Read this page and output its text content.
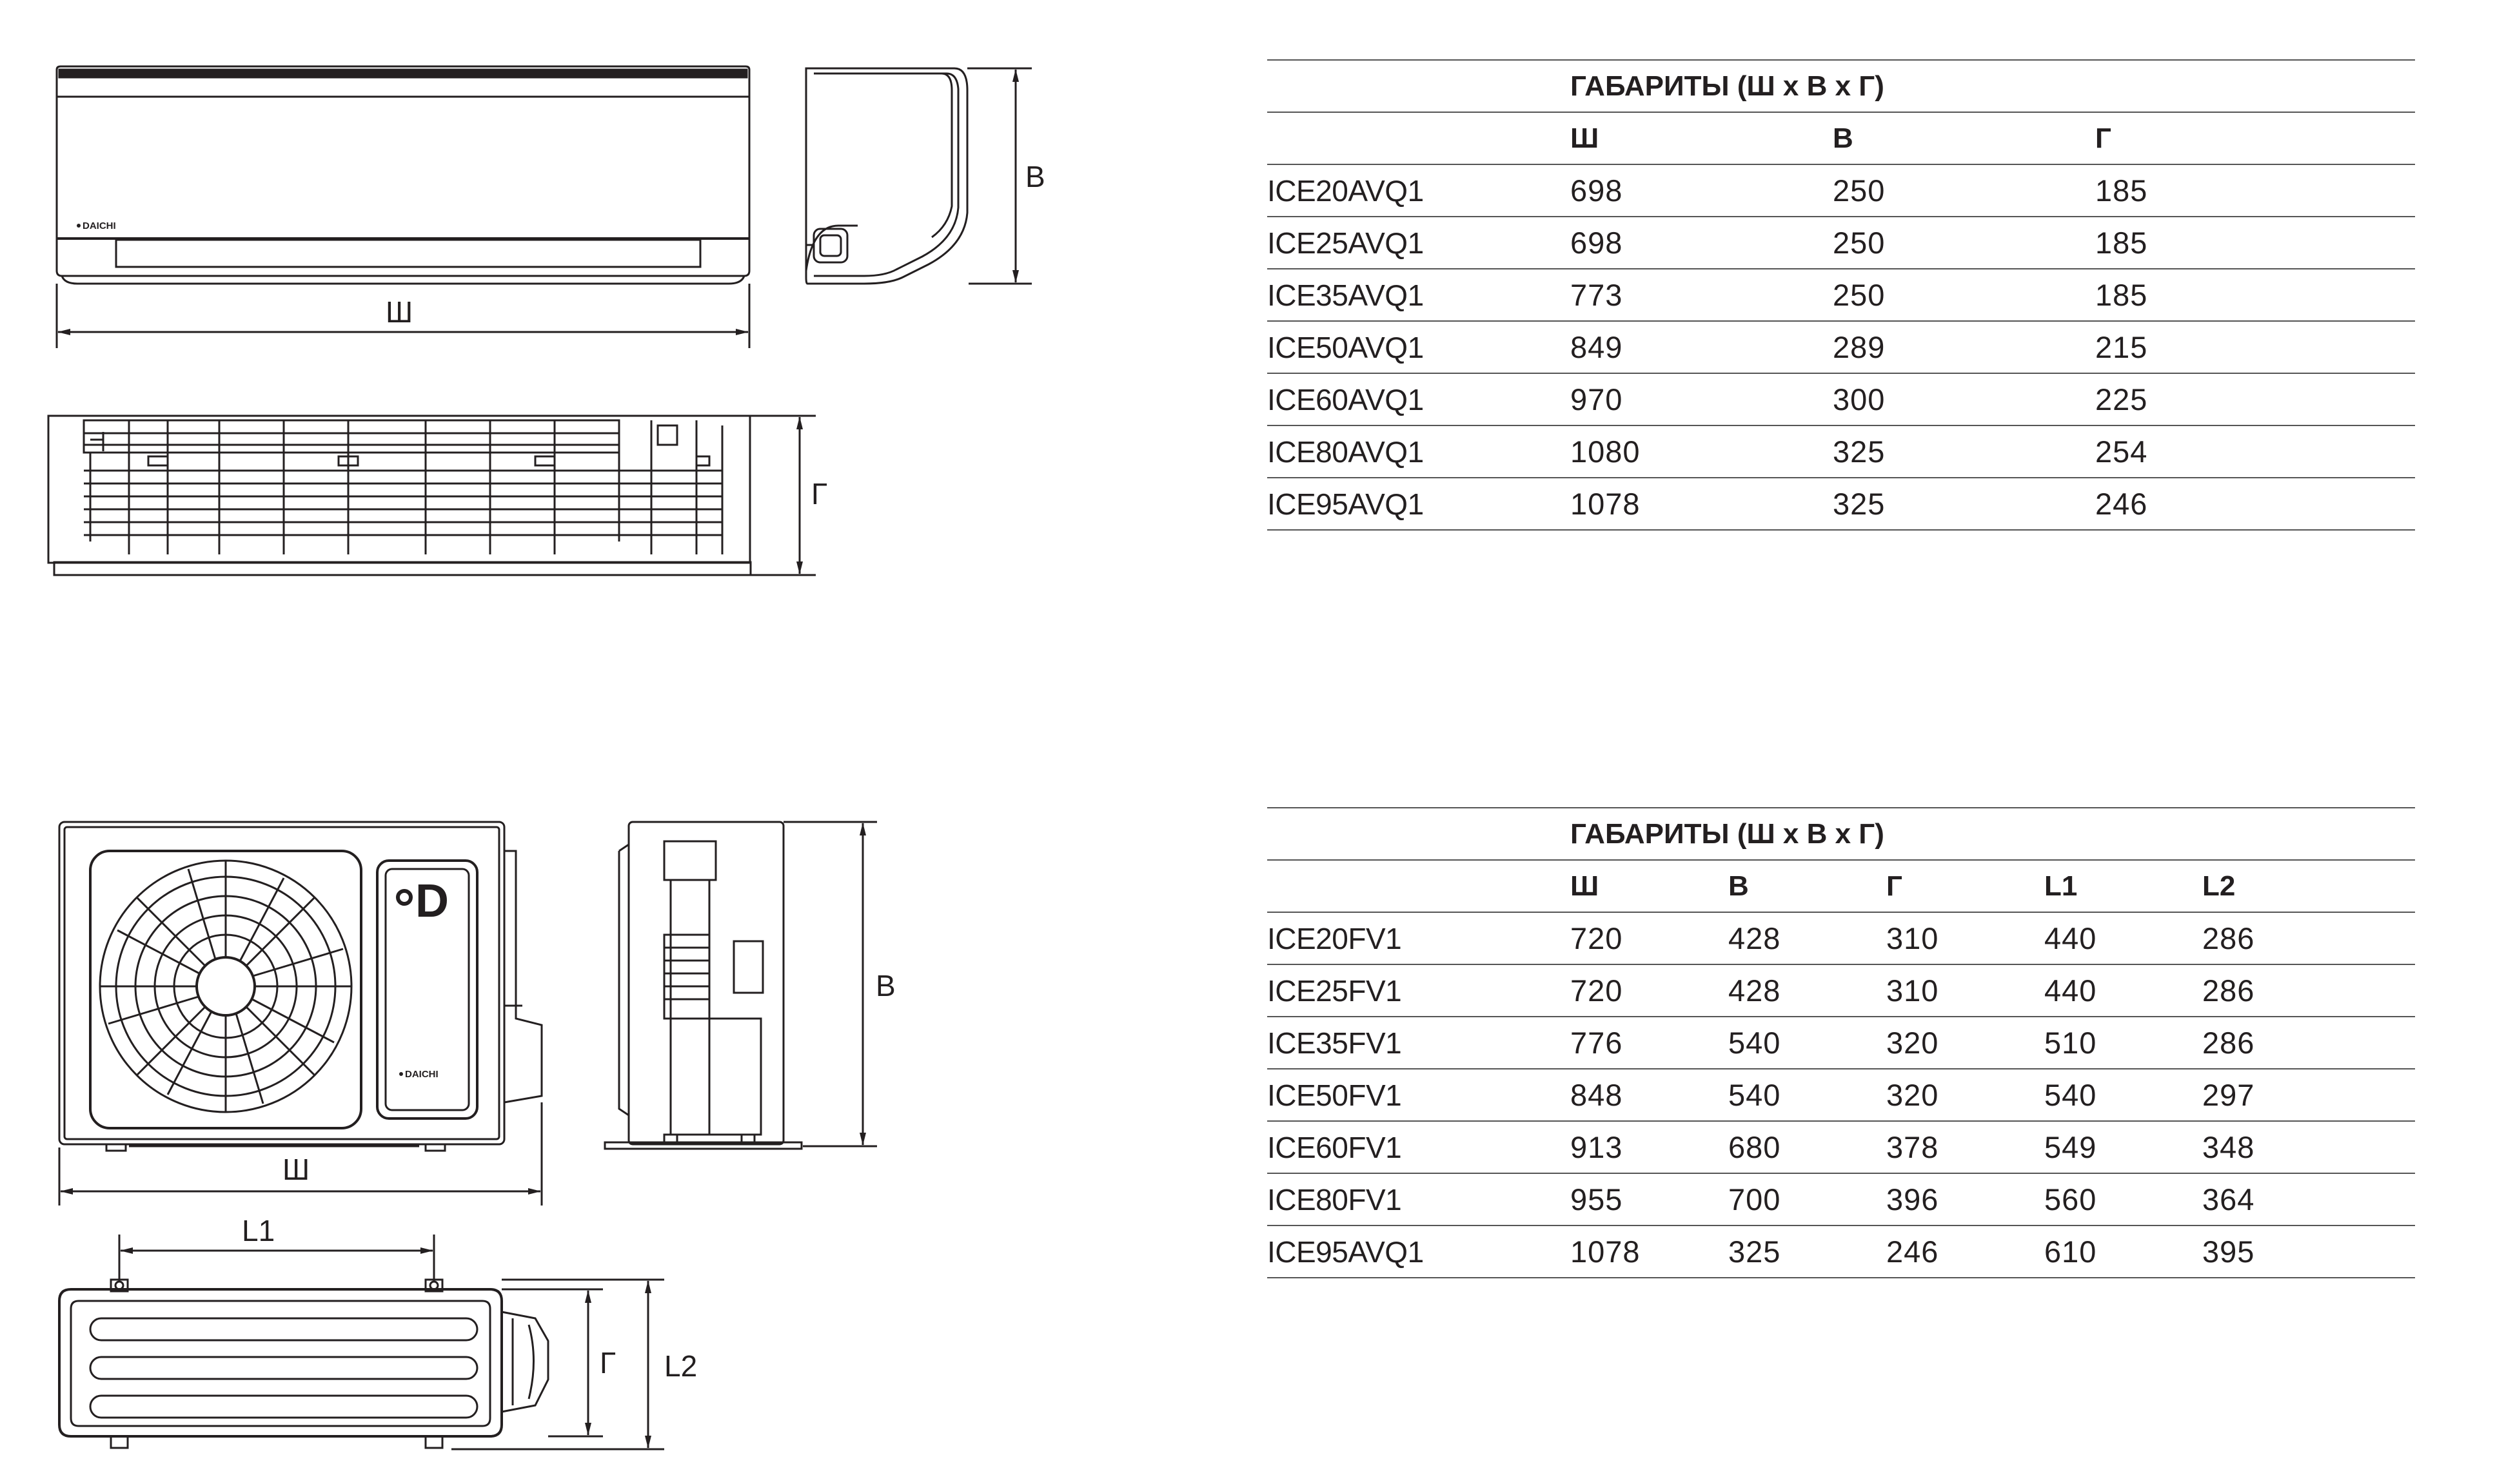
DAICHI
Ш
В
Г
D
DAICHI
Ш
В
L1
Г L2

	ГАБАРИТЫ (Ш х В х Г)		
	Ш	В	Г
ICE20AVQ1	698	250	185
ICE25AVQ1	698	250	185
ICE35AVQ1	773	250	185
ICE50AVQ1	849	289	215
ICE60AVQ1	970	300	225
ICE80AVQ1	1080	325	254
ICE95AVQ1	1078	325	246

	ГАБАРИТЫ (Ш х В х Г)				
	Ш	В	Г	L1	L2
ICE20FV1	720	428	310	440	286
ICE25FV1	720	428	310	440	286
ICE35FV1	776	540	320	510	286
ICE50FV1	848	540	320	540	297
ICE60FV1	913	680	378	549	348
ICE80FV1	955	700	396	560	364
ICE95AVQ1	1078	325	246	610	395
